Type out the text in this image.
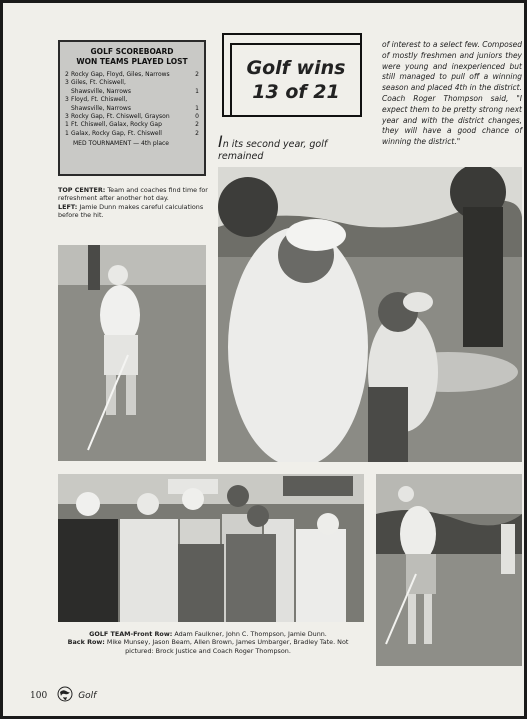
GOLF SCOREBOARD
WON TEAMS PLAYED LOST
2 Rocky Gap, Floyd, Giles, Narrows	2
3 Giles, Ft. Chiswell,
Shawsville, Narrows	1
3 Floyd, Ft. Chiswell,
Shawsville, Narrows	1
3 Rocky Gap, Ft. Chiswell, Grayson	0
1 Ft. Chiswell, Galax, Rocky Gap	2
1 Galax, Rocky Gap, Ft. Chiswell	2
MED TOURNAMENT — 4th place
Golf wins
13 of 21
In its second year, golf remained
of interest to a select few. Composed of mostly freshmen and juniors they were young and inexperienced but still managed to pull off a winning season and placed 4th in the district. Coach Roger Thompson said, "I expect them to be pretty strong next year and with the district changes, they will have a good chance of winning the district."
TOP CENTER: Team and coaches find time for refreshment after another hot day.
LEFT: Jamie Dunn makes careful calculations before the hit.
GOLF TEAM-Front Row: Adam Faulkner, John C. Thompson, Jamie Dunn.
Back Row: Mike Munsey, Jason Beam, Allen Brown, James Umbarger, Bradley Tate. Not pictured: Brock Justice and Coach Roger Thompson.
100	Golf
